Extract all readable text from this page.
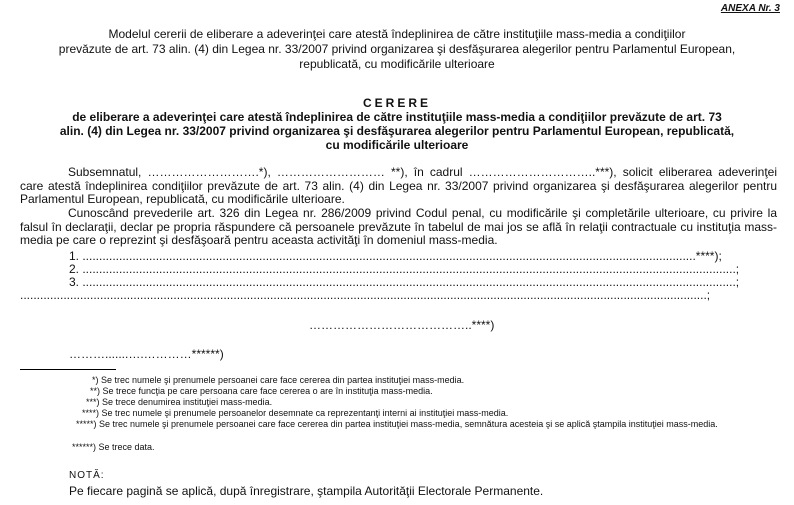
ANEXA Nr. 3
Modelul cererii de eliberare a adeverinţei care atestă îndeplinirea de către instituţiile mass-media a condiţiilor
prevăzute de art. 73 alin. (4) din Legea nr. 33/2007 privind organizarea şi desfăşurarea alegerilor pentru Parlamentul European,
republicată, cu modificările ulterioare
CERERE
de eliberare a adeverinţei care atestă îndeplinirea de către instituţiile mass-media a condiţiilor prevăzute de art. 73
alin. (4) din Legea nr. 33/2007 privind organizarea şi desfăşurarea alegerilor pentru Parlamentul European, republicată,
cu modificările ulterioare
Subsemnatul, ……………………….*), ……………………… **), în cadrul …………………………..***), solicit eliberarea adeverinţei care atestă îndeplinirea condiţiilor prevăzute de art. 73 alin. (4) din Legea nr. 33/2007 privind organizarea şi desfăşurarea alegerilor pentru Parlamentul European, republicată, cu modificările ulterioare.
Cunoscând prevederile art. 326 din Legea nr. 286/2009 privind Codul penal, cu modificările şi completările ulterioare, cu privire la falsul în declaraţii, declar pe propria răspundere că persoanele prevăzute în tabelul de mai jos se află în relaţii contractuale cu instituţia mass-media pe care o reprezint şi desfăşoară pentru aceasta activităţi în domeniul mass-media.
1. ........................................................................................................................................................................................****);
2. ....................................................................................................................................................................................................;
3. ....................................................................................................................................................................................................;
..............................................................................................................................................................................................................;
…………………………………..****)
……….......….…………******)
*) Se trec numele şi prenumele persoanei care face cererea din partea instituţiei mass-media.
**) Se trece funcţia pe care persoana care face cererea o are în instituţia mass-media.
***) Se trece denumirea instituţiei mass-media.
****) Se trec numele şi prenumele persoanelor desemnate ca reprezentanţi interni ai instituţiei mass-media.
*****) Se trec numele şi prenumele persoanei care face cererea din partea instituţiei mass-media, semnătura acesteia şi se aplică ştampila instituţiei mass-media.
******) Se trece data.
NOTĂ:
Pe fiecare pagină se aplică, după înregistrare, ştampila Autorităţii Electorale Permanente.
